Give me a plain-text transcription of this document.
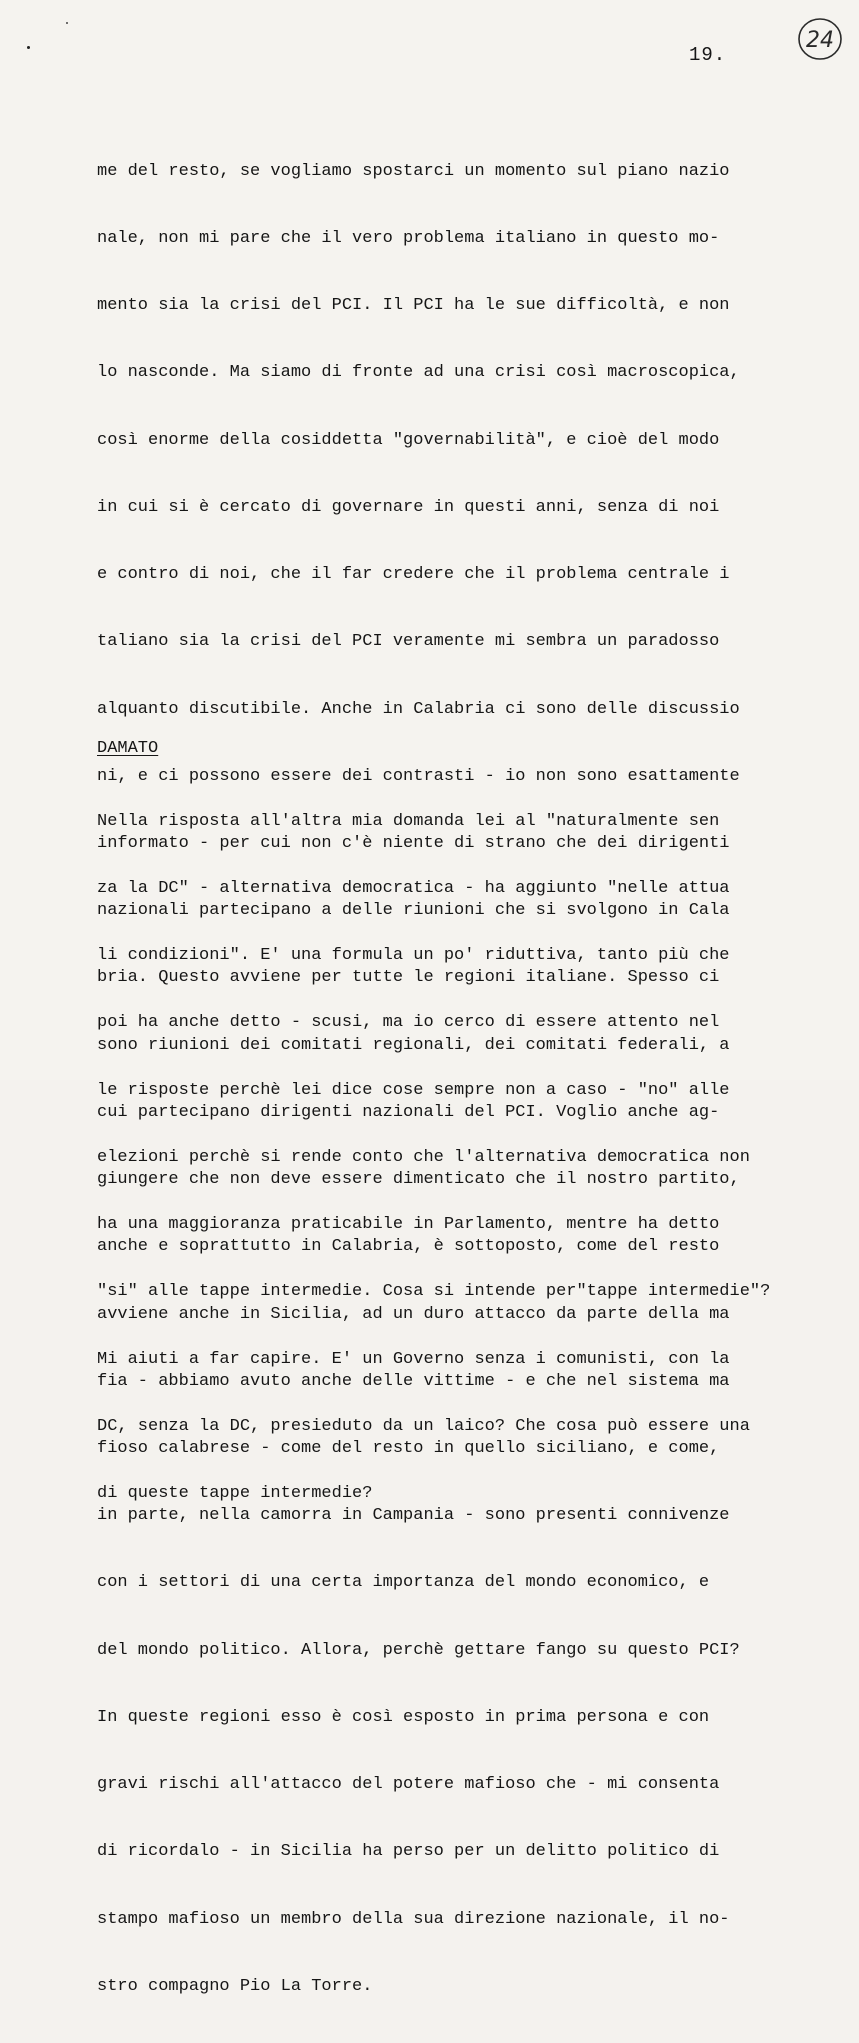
19.
24

me del resto, se vogliamo spostarci un momento sul piano nazio

nale, non mi pare che il vero problema italiano in questo mo-

mento sia la crisi del PCI. Il PCI ha le sue difficoltà, e non

lo nasconde. Ma siamo di fronte ad una crisi così macroscopica,

così enorme della cosiddetta "governabilità", e cioè del modo

in cui si è cercato di governare in questi anni, senza di noi

e contro di noi, che il far credere che il problema centrale i

taliano sia la crisi del PCI veramente mi sembra un paradosso

alquanto discutibile. Anche in Calabria ci sono delle discussio

ni, e ci possono essere dei contrasti - io non sono esattamente

informato - per cui non c'è niente di strano che dei dirigenti

nazionali partecipano a delle riunioni che si svolgono in Cala

bria. Questo avviene per tutte le regioni italiane. Spesso ci

sono riunioni dei comitati regionali, dei comitati federali, a

cui partecipano dirigenti nazionali del PCI. Voglio anche ag-

giungere che non deve essere dimenticato che il nostro partito,

anche e soprattutto in Calabria, è sottoposto, come del resto

avviene anche in Sicilia, ad un duro attacco da parte della ma

fia - abbiamo avuto anche delle vittime - e che nel sistema ma

fioso calabrese - come del resto in quello siciliano, e come,

in parte, nella camorra in Campania - sono presenti connivenze

con i settori di una certa importanza del mondo economico, e

del mondo politico. Allora, perchè gettare fango su questo PCI?

In queste regioni esso è così esposto in prima persona e con

gravi rischi all'attacco del potere mafioso che - mi consenta

di ricordalo - in Sicilia ha perso per un delitto politico di

stampo mafioso un membro della sua direzione nazionale, il no-

stro compagno Pio La Torre.

DAMATO

Nella risposta all'altra mia domanda lei al "naturalmente sen

za la DC" - alternativa democratica - ha aggiunto "nelle attua

li condizioni". E' una formula un po' riduttiva, tanto più che

poi ha anche detto - scusi, ma io cerco di essere attento nel

le risposte perchè lei dice cose sempre non a caso - "no" alle

elezioni perchè si rende conto che l'alternativa democratica non

ha una maggioranza praticabile in Parlamento, mentre ha detto

"si" alle tappe intermedie. Cosa si intende per"tappe intermedie"?

Mi aiuti a far capire. E' un Governo senza i comunisti, con la

DC, senza la DC, presieduto da un laico? Che cosa può essere una

di queste tappe intermedie?
